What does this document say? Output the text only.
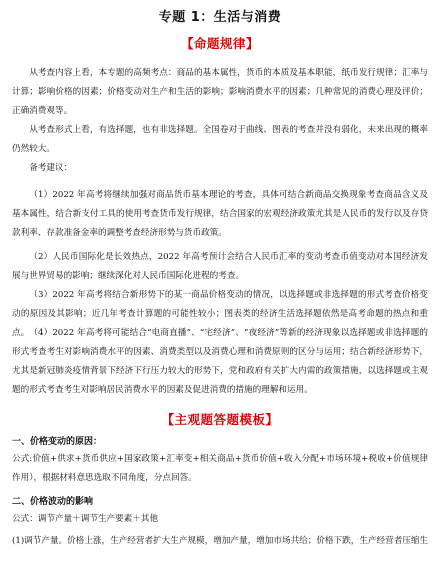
专题 1：生活与消费
【命题规律】

从考查内容上看，本专题的高频考点：商品的基本属性，货币的本质及基本职能，纸币发行规律；汇率与计算；影响价格的因素；价格变动对生产和生活的影响；影响消费水平的因素；几种常见的消费心理及评价；正确消费观等。

从考查形式上看，有选择题，也有非选择题。全国卷对于曲线、图表的考查并没有弱化，未来出现的概率仍然较大。

备考建议：

（1）2022 年高考将继续加强对商品货币基本理论的考查，具体可结合新商品交换现象考查商品含义及基本属性，结合新支付工具的使用考查货币发行规律，结合国家的宏观经济政策尤其是人民币的发行以及存贷款利率、存款准备金率的调整考查经济形势与货币政策。

（2）人民币国际化是长效热点，2022 年高考预计会结合人民币汇率的变动考查币值变动对本国经济发展与世界贸易的影响；继续深化对人民币国际化进程的考查。

（3）2022 年高考将结合新形势下的某一商品价格变动的情况，以选择题或非选择题的形式考查价格变动的原因及其影响；近几年考查计算题的可能性较小；图表类的经济生活选择题依然是高考命题的热点和重点。 （4）2022 年高考将可能结合“电商直播”、“宅经济”、“夜经济”等新的经济现象以选择题或非选择题的形式考查考生对影响消费水平的因素、消费类型以及消费心理和消费原则的区分与运用；结合新经济形势下，尤其是新冠肺炎疫情背景下经济下行压力较大的形势下，党和政府有关扩大内需的政策措施，以选择题或主观题的形式考查考生对影响居民消费水平的因素及促进消费的措施的理解和运用。

【主观题答题模板】
一、价格变动的原因：

公式:价值+供求+货币供应+国家政策+汇率变+相关商品+货币价值+收入分配+市场环境+税收+价值规律作用），根据材料意思选取不同角度，分点回答。

二、价格波动的影响

公式：调节产量＋调节生产要素＋其他

(1)调节产量。价格上涨，生产经营者扩大生产规模，增加产量，增加市场共给；价格下跌，生产经营者压缩生
